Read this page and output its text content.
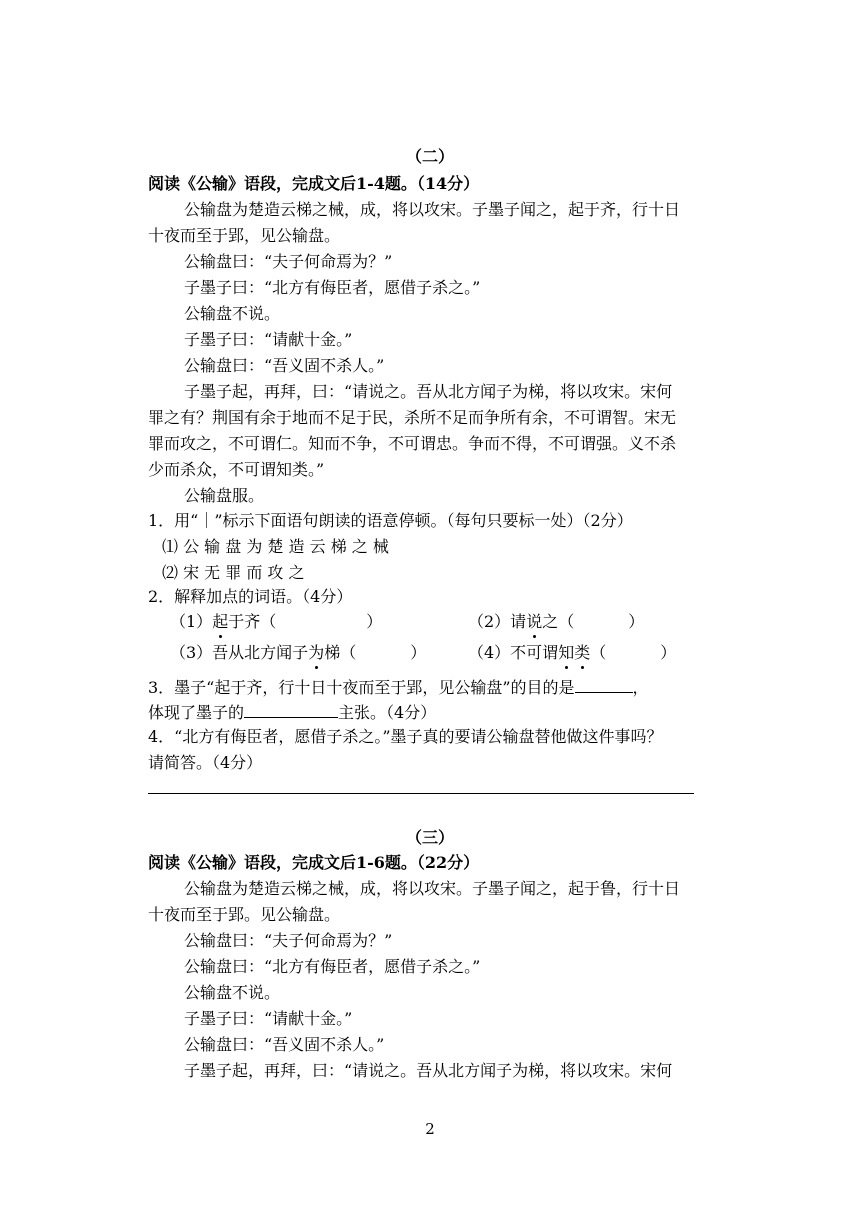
（二）
阅读《公输》语段，完成文后1-4题。（14分）
公输盘为楚造云梯之械，成，将以攻宋。子墨子闻之，起于齐，行十日
十夜而至于郢，见公输盘。
公输盘曰：“夫子何命焉为？”
子墨子曰：“北方有侮臣者，愿借子杀之。”
公输盘不说。
子墨子曰：“请献十金。”
公输盘曰：“吾义固不杀人。”
子墨子起，再拜，曰：“请说之。吾从北方闻子为梯，将以攻宋。宋何
罪之有？荆国有余于地而不足于民，杀所不足而争所有余，不可谓智。宋无
罪而攻之，不可谓仁。知而不争，不可谓忠。争而不得，不可谓强。义不杀
少而杀众，不可谓知类。”
公输盘服。
1．用“｜”标示下面语句朗读的语意停顿。（每句只要标一处）（2分）
⑴ 公 输 盘 为 楚 造 云 梯 之 械
⑵ 宋 无 罪 而 攻 之
2．解释加点的词语。（4分）
（1）起于齐（	）	（2）请说之（	）
（3）吾从北方闻子为梯（	）	（4）不可谓知类（	）
3．墨子“起于齐，行十日十夜而至于郢，见公输盘”的目的是	，
体现了墨子的	主张。（4分）
4．“北方有侮臣者，愿借子杀之。”墨子真的要请公输盘替他做这件事吗？
请简答。（4分）
（三）
阅读《公输》语段，完成文后1-6题。（22分）
公输盘为楚造云梯之械，成，将以攻宋。子墨子闻之，起于鲁，行十日
十夜而至于郢。见公输盘。
公输盘曰：“夫子何命焉为？”
公输盘曰：“北方有侮臣者，愿借子杀之。”
公输盘不说。
子墨子曰：“请献十金。”
公输盘曰：“吾义固不杀人。”
子墨子起，再拜，曰：“请说之。吾从北方闻子为梯，将以攻宋。宋何
2
